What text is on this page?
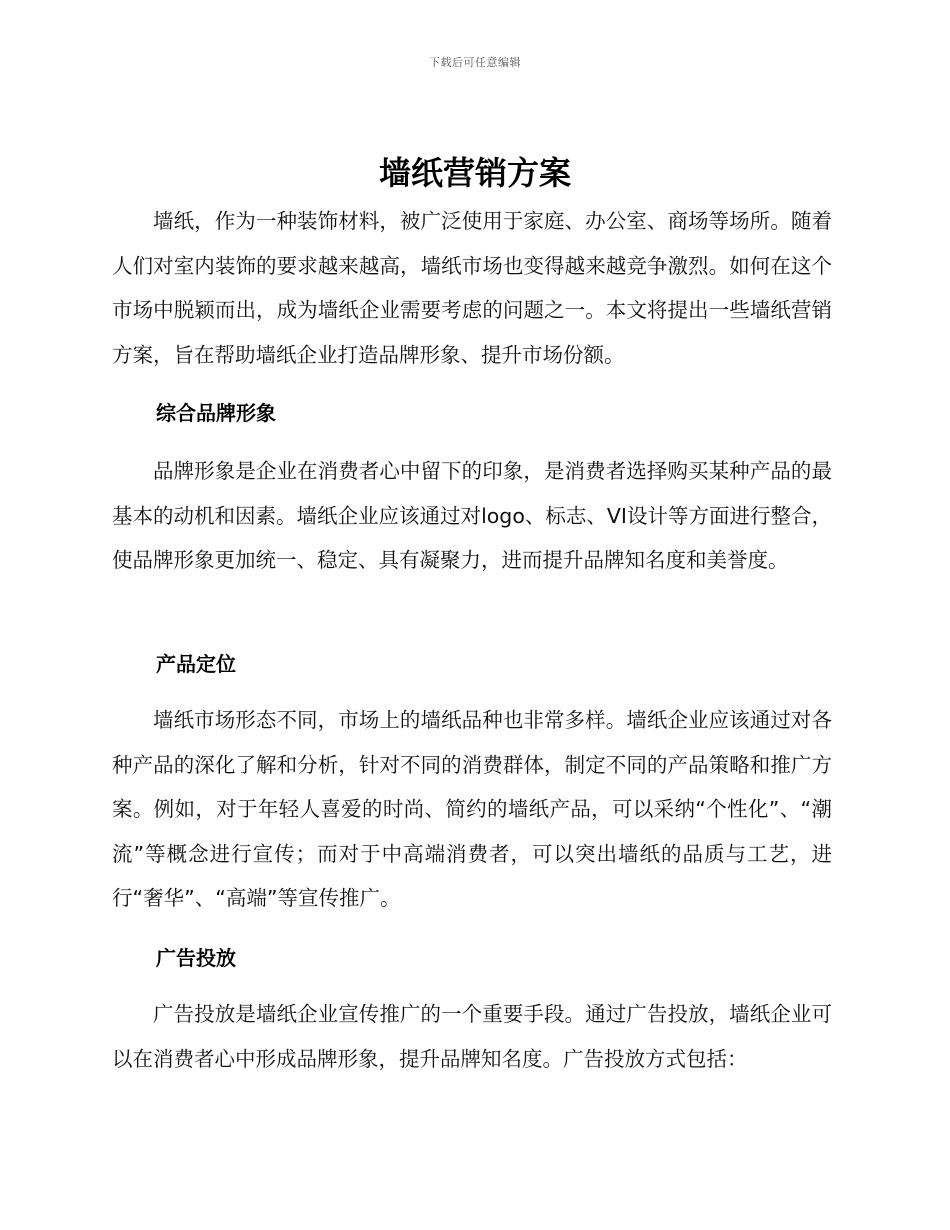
下载后可任意编辑
墙纸营销方案

墙纸，作为一种装饰材料，被广泛使用于家庭、办公室、商场等场所。随着人们对室内装饰的要求越来越高，墙纸市场也变得越来越竞争激烈。如何在这个市场中脱颖而出，成为墙纸企业需要考虑的问题之一。本文将提出一些墙纸营销方案，旨在帮助墙纸企业打造品牌形象、提升市场份额。

综合品牌形象

品牌形象是企业在消费者心中留下的印象，是消费者选择购买某种产品的最基本的动机和因素。墙纸企业应该通过对logo、标志、VI设计等方面进行整合，使品牌形象更加统一、稳定、具有凝聚力，进而提升品牌知名度和美誉度。

产品定位

墙纸市场形态不同，市场上的墙纸品种也非常多样。墙纸企业应该通过对各种产品的深化了解和分析，针对不同的消费群体，制定不同的产品策略和推广方案。例如，对于年轻人喜爱的时尚、简约的墙纸产品，可以采纳“个性化”、“潮流”等概念进行宣传；而对于中高端消费者，可以突出墙纸的品质与工艺，进行“奢华”、“高端”等宣传推广。

广告投放

广告投放是墙纸企业宣传推广的一个重要手段。通过广告投放，墙纸企业可以在消费者心中形成品牌形象，提升品牌知名度。广告投放方式包括：
